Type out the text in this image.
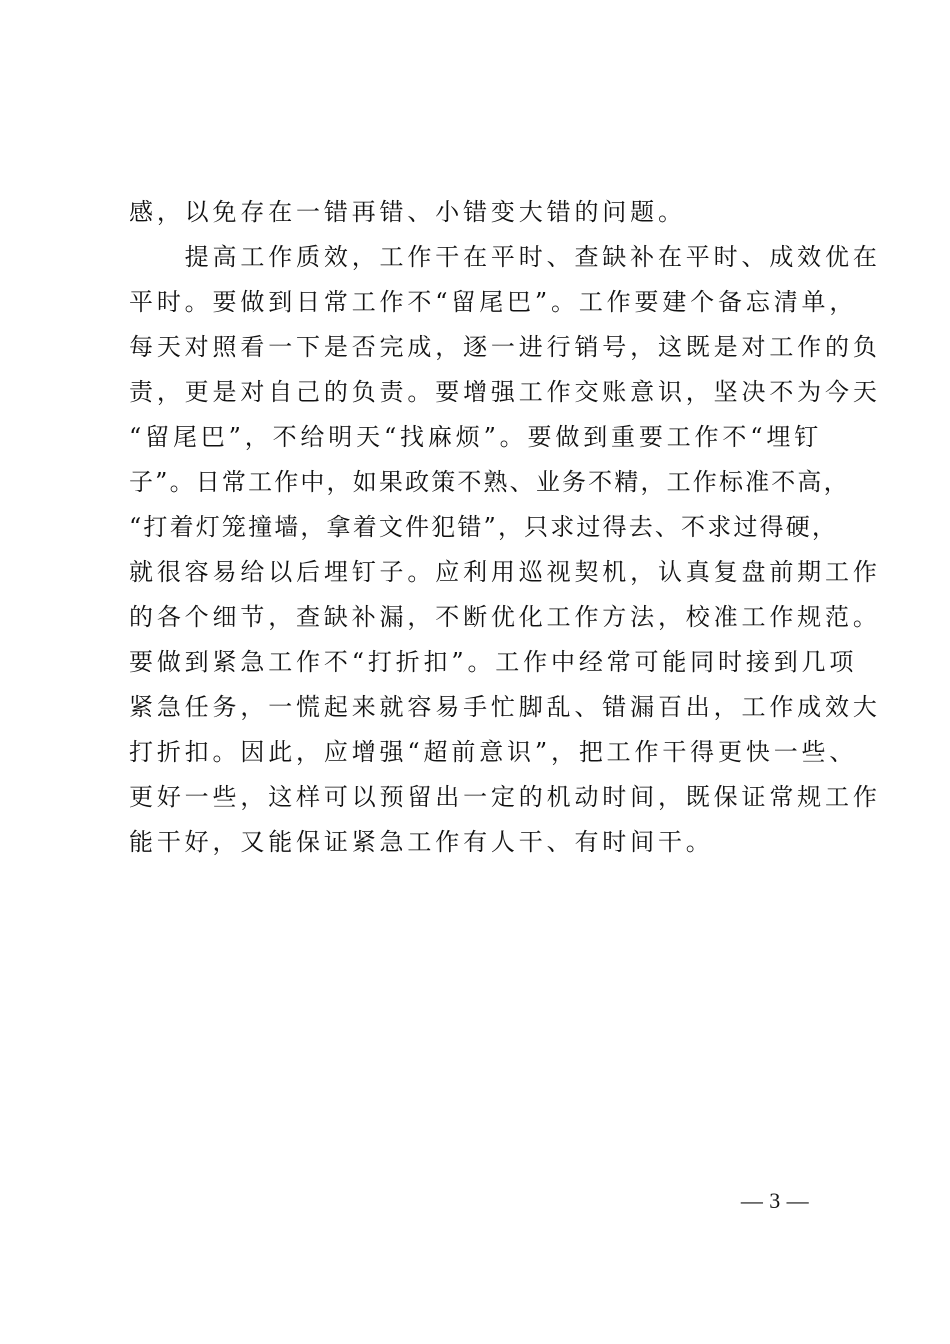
感，以免存在一错再错、小错变大错的问题。
　　提高工作质效，工作干在平时、查缺补在平时、成效优在
平时。要做到日常工作不“留尾巴”。工作要建个备忘清单，
每天对照看一下是否完成，逐一进行销号，这既是对工作的负
责，更是对自己的负责。要增强工作交账意识，坚决不为今天
“留尾巴”，不给明天“找麻烦”。要做到重要工作不“埋钉
子”。日常工作中，如果政策不熟、业务不精，工作标准不高，
“打着灯笼撞墙，拿着文件犯错”，只求过得去、不求过得硬，
就很容易给以后埋钉子。应利用巡视契机，认真复盘前期工作
的各个细节，查缺补漏，不断优化工作方法，校准工作规范。
要做到紧急工作不“打折扣”。工作中经常可能同时接到几项
紧急任务，一慌起来就容易手忙脚乱、错漏百出，工作成效大
打折扣。因此，应增强“超前意识”，把工作干得更快一些、
更好一些，这样可以预留出一定的机动时间，既保证常规工作
能干好，又能保证紧急工作有人干、有时间干。
— 3 —
